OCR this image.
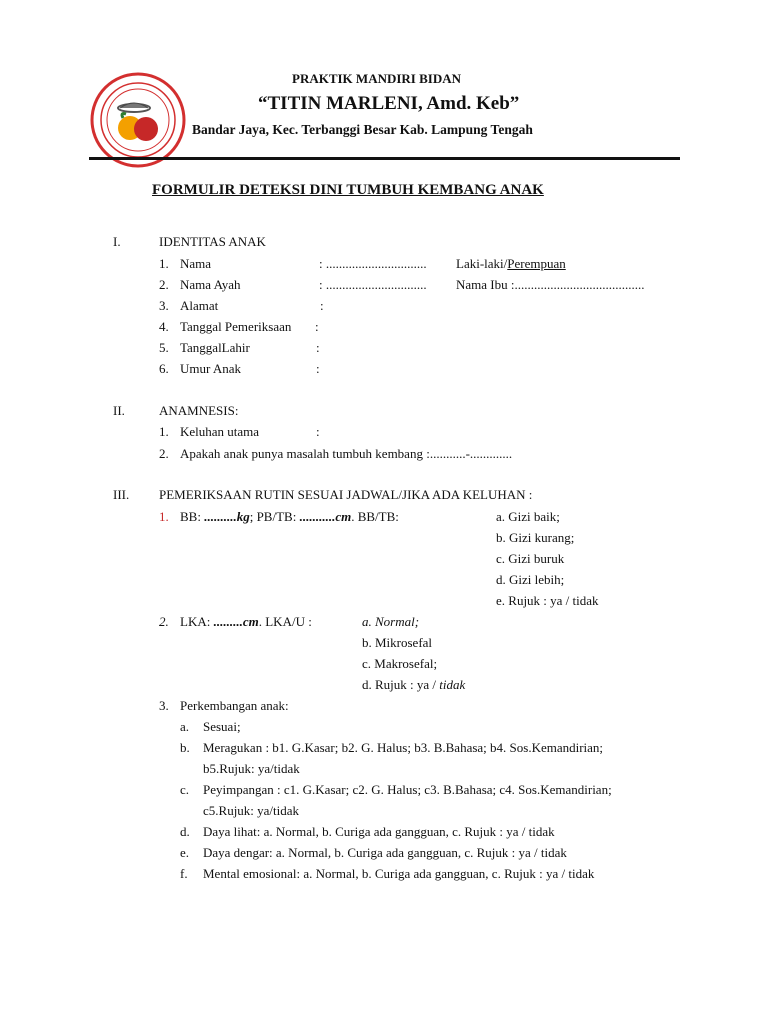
PRAKTIK MANDIRI BIDAN
“TITIN MARLENI, Amd. Keb”
Bandar Jaya, Kec. Terbanggi Besar Kab. Lampung Tengah
FORMULIR DETEKSI DINI TUMBUH KEMBANG ANAK
I.	IDENTITAS ANAK
1. Nama	: ............................... Laki-laki/Perempuan
2. Nama Ayah	: ............................... Nama Ibu :........................................
3. Alamat	:
4. Tanggal Pemeriksaan :
5. TanggalLahir	:
6. Umur Anak	:
II.	ANAMNESIS:
1. Keluhan utama	:
2. Apakah anak punya masalah tumbuh kembang :...........-.............
III. PEMERIKSAAN RUTIN SESUAI JADWAL/JIKA ADA KELUHAN :
1. BB: ..........kg; PB/TB: ...........cm. BB/TB:	a. Gizi baik;
b. Gizi kurang;
c. Gizi buruk
d. Gizi lebih;
e. Rujuk : ya / tidak
2. LKA: .........cm. LKA/U :	a. Normal;
b. Mikrosefal
c. Makrosefal;
d. Rujuk : ya / tidak
3. Perkembangan anak:
a. Sesuai;
b. Meragukan : b1. G.Kasar; b2. G. Halus; b3. B.Bahasa; b4. Sos.Kemandirian;
b5.Rujuk: ya/tidak
c. Peyimpangan : c1. G.Kasar; c2. G. Halus; c3. B.Bahasa; c4. Sos.Kemandirian;
c5.Rujuk: ya/tidak
d. Daya lihat: a. Normal, b. Curiga ada gangguan, c. Rujuk : ya / tidak
e. Daya dengar: a. Normal, b. Curiga ada gangguan, c. Rujuk : ya / tidak
f. Mental emosional: a. Normal, b. Curiga ada gangguan, c. Rujuk : ya / tidak
